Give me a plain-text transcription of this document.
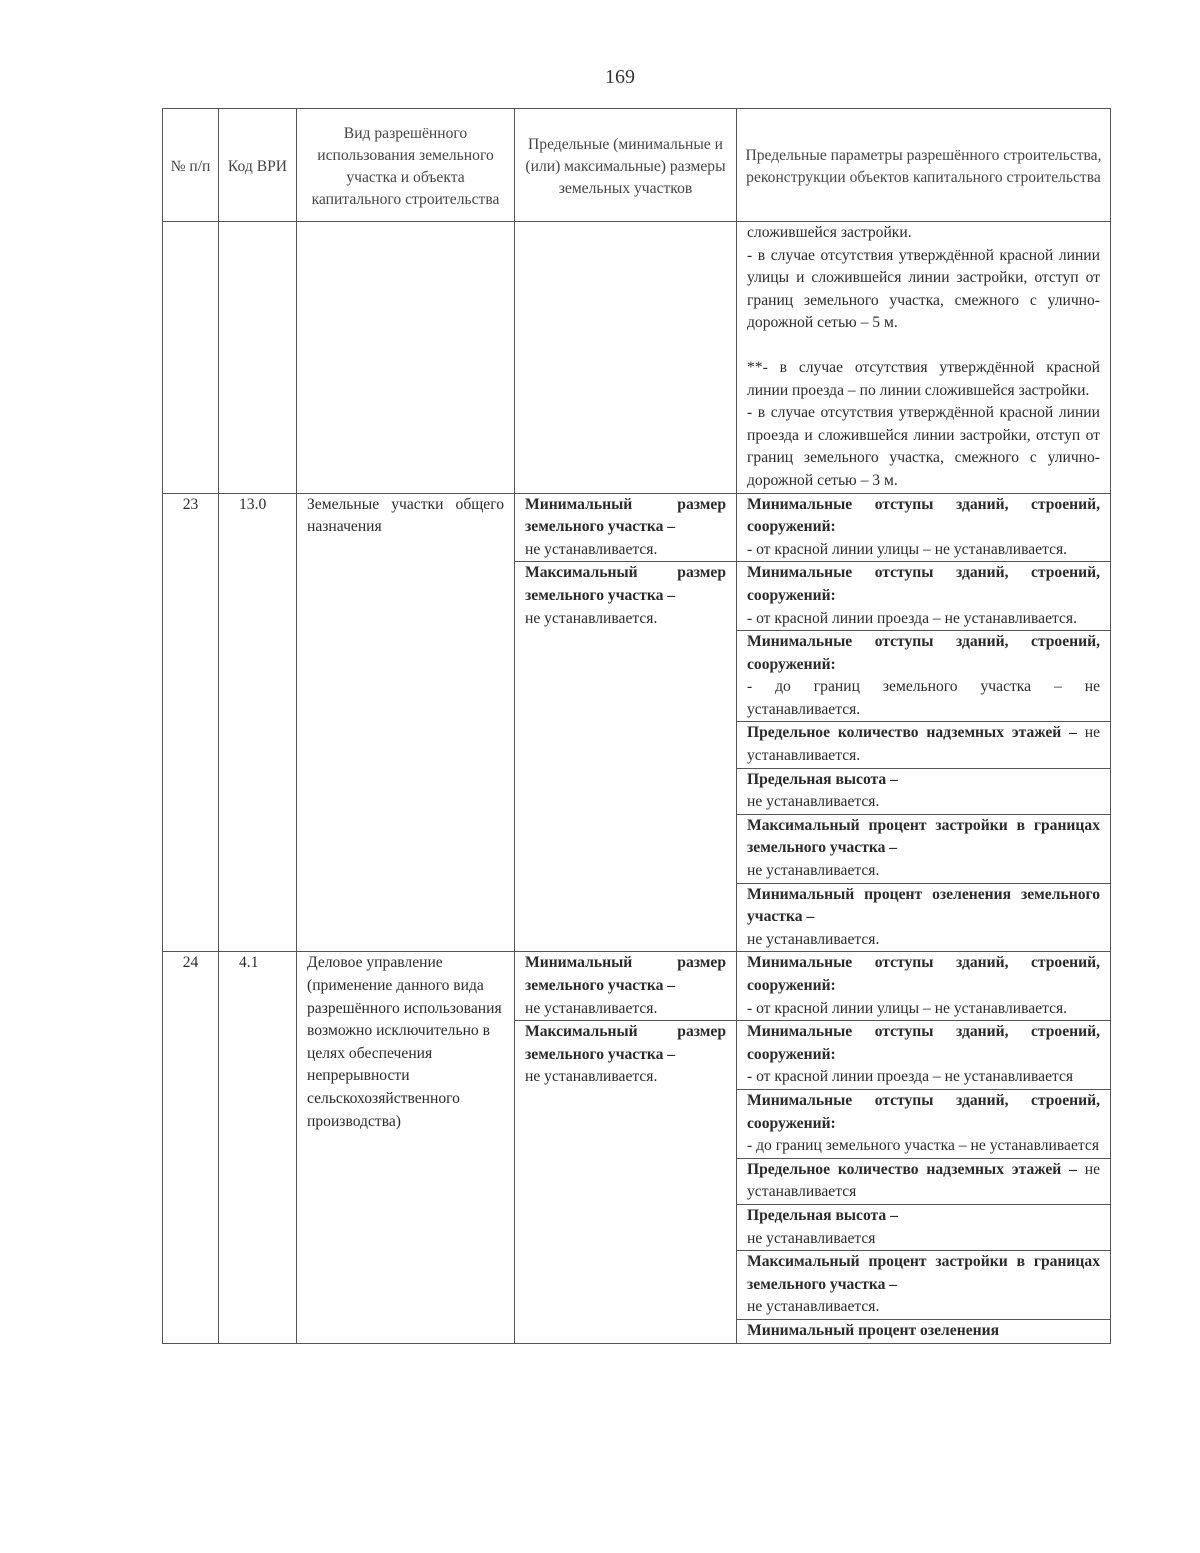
169
№ п/п	Код ВРИ	Вид разрешённого использования земельного участка и объекта капитального строительства	Предельные (минимальные и (или) максимальные) размеры земельных участков	Предельные параметры разрешённого строительства, реконструкции объектов капитального строительства

				сложившейся застройки.
- в случае отсутствия утверждённой красной линии улицы и сложившейся линии застройки, отступ от границ земельного участка, смежного с улично-дорожной сетью – 5 м.
**- в случае отсутствия утверждённой красной линии проезда – по линии сложившейся застройки.
- в случае отсутствия утверждённой красной линии проезда и сложившейся линии застройки, отступ от границ земельного участка, смежного с улично-дорожной сетью – 3 м.

23	13.0	Земельные участки общего назначения	Минимальный размер земельного участка –
не устанавливается.	Минимальные отступы зданий, строений, сооружений:
- от красной линии улицы – не устанавливается.
			Максимальный размер земельного участка –
не устанавливается.	Минимальные отступы зданий, строений, сооружений:
- от красной линии проезда – не устанавливается.
				Минимальные отступы зданий, строений, сооружений:
- до границ земельного участка – не устанавливается.
				Предельное количество надземных этажей – не устанавливается.
				Предельная высота –
не устанавливается.
				Максимальный процент застройки в границах земельного участка –
не устанавливается.
				Минимальный процент озеленения земельного участка –
не устанавливается.
24	4.1	Деловое управление (применение данного вида разрешённого использования возможно исключительно в целях обеспечения непрерывности сельскохозяйственного производства)	Минимальный размер земельного участка –
не устанавливается.	Минимальные отступы зданий, строений, сооружений:
- от красной линии улицы – не устанавливается.
			Максимальный размер земельного участка –
не устанавливается.	Минимальные отступы зданий, строений, сооружений:
- от красной линии проезда – не устанавливается
				Минимальные отступы зданий, строений, сооружений:
- до границ земельного участка – не устанавливается
				Предельное количество надземных этажей – не устанавливается
				Предельная высота –
не устанавливается
				Максимальный процент застройки в границах земельного участка –
не устанавливается.
				Минимальный процент озеленения
